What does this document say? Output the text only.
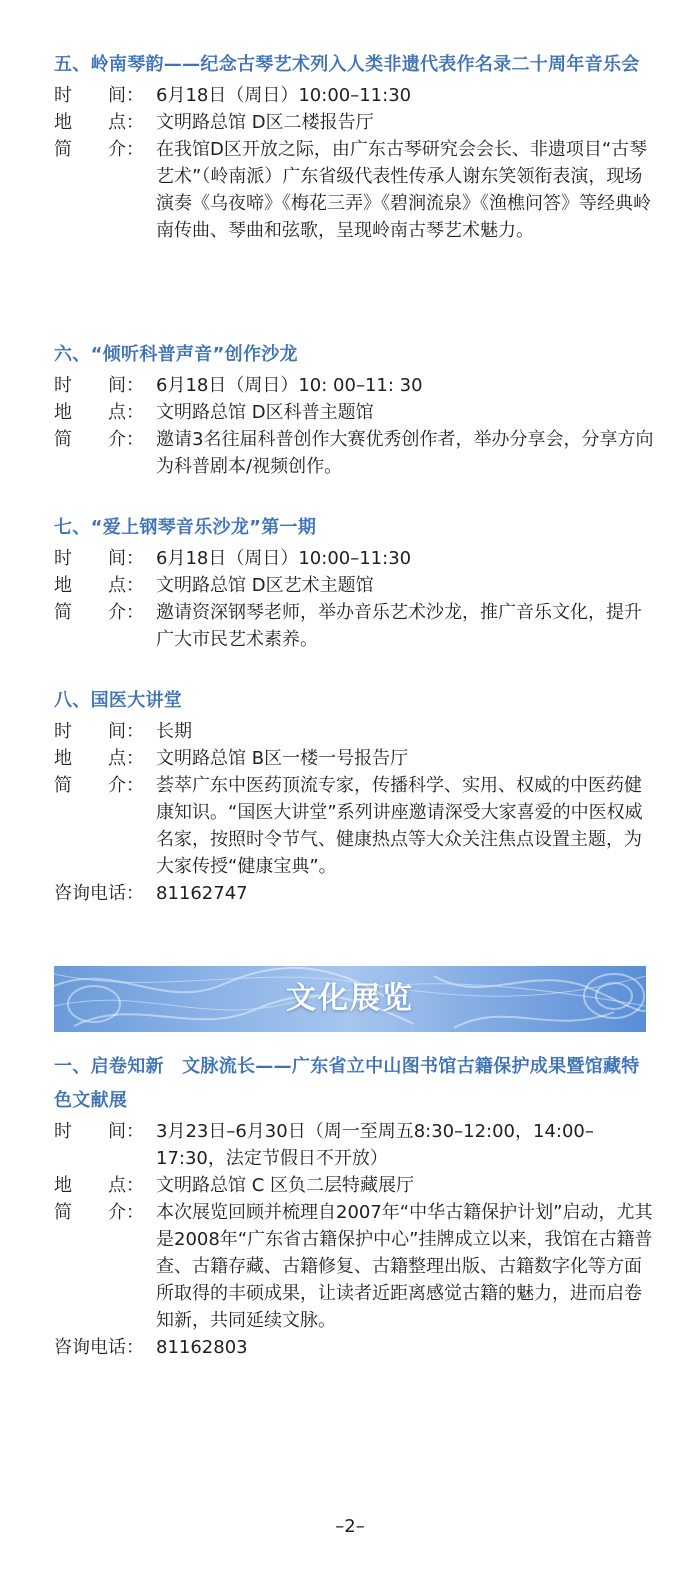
五、岭南琴韵——纪念古琴艺术列入人类非遗代表作名录二十周年音乐会
时　　间： 6月18日（周日）10:00–11:30
地　　点： 文明路总馆 D区二楼报告厅
简　　介： 在我馆D区开放之际，由广东古琴研究会会长、非遗项目“古琴艺术”（岭南派）广东省级代表性传承人谢东笑领衔表演，现场演奏《乌夜啼》《梅花三弄》《碧涧流泉》《渔樵问答》等经典岭南传曲、琴曲和弦歌，呈现岭南古琴艺术魅力。
六、“倾听科普声音”创作沙龙
时　　间： 6月18日（周日）10: 00–11: 30
地　　点： 文明路总馆 D区科普主题馆
简　　介： 邀请3名往届科普创作大赛优秀创作者，举办分享会，分享方向为科普剧本/视频创作。
七、“爱上钢琴音乐沙龙”第一期
时　　间： 6月18日（周日）10:00–11:30
地　　点： 文明路总馆 D区艺术主题馆
简　　介： 邀请资深钢琴老师，举办音乐艺术沙龙，推广音乐文化，提升广大市民艺术素养。
八、国医大讲堂
时　　间： 长期
地　　点： 文明路总馆 B区一楼一号报告厅
简　　介： 荟萃广东中医药顶流专家，传播科学、实用、权威的中医药健康知识。“国医大讲堂”系列讲座邀请深受大家喜爱的中医权威名家，按照时令节气、健康热点等大众关注焦点设置主题，为大家传授“健康宝典”。
咨询电话： 81162747
文化展览
一、启卷知新　文脉流长——广东省立中山图书馆古籍保护成果暨馆藏特色文献展
时　　间： 3月23日–6月30日（周一至周五8:30–12:00，14:00–17:30，法定节假日不开放）
地　　点： 文明路总馆 C 区负二层特藏展厅
简　　介： 本次展览回顾并梳理自2007年“中华古籍保护计划”启动，尤其是2008年“广东省古籍保护中心”挂牌成立以来，我馆在古籍普查、古籍存藏、古籍修复、古籍整理出版、古籍数字化等方面所取得的丰硕成果，让读者近距离感觉古籍的魅力，进而启卷知新，共同延续文脉。
咨询电话： 81162803
–2–
